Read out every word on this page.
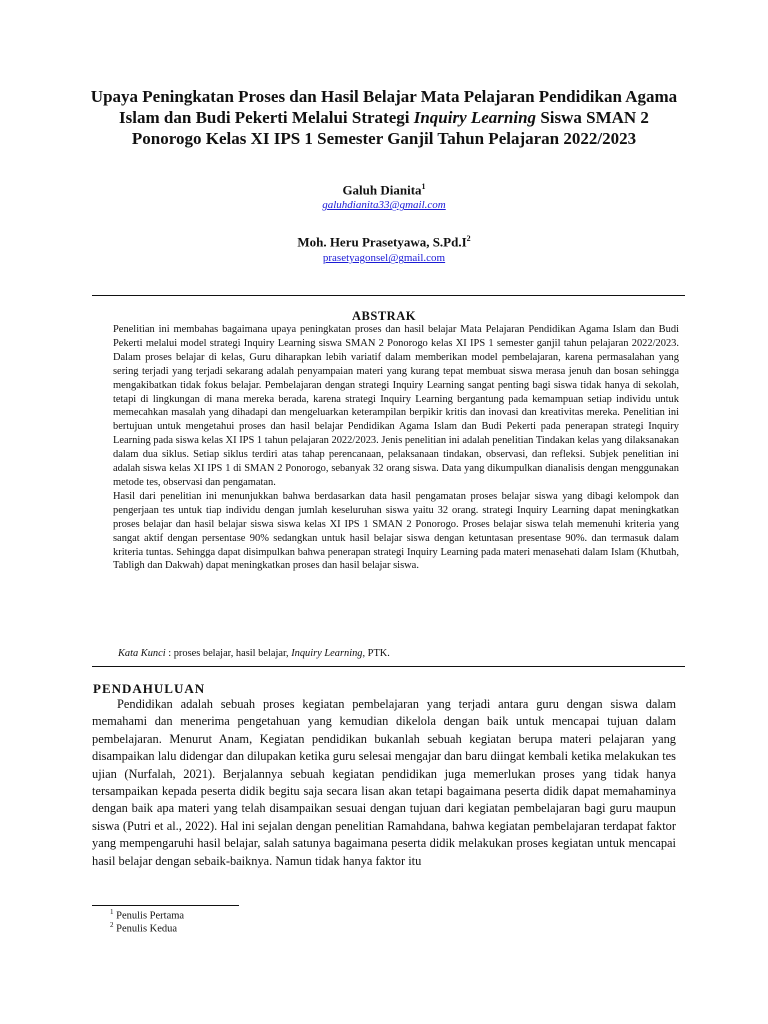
Upaya Peningkatan Proses dan Hasil Belajar Mata Pelajaran Pendidikan Agama Islam dan Budi Pekerti Melalui Strategi Inquiry Learning Siswa SMAN 2 Ponorogo Kelas XI IPS 1 Semester Ganjil Tahun Pelajaran 2022/2023
Galuh Dianita$^1$
galuhdianita33@gmail.com
Moh. Heru Prasetyawa, $S.Pd.I^2$
prasetyagonsel@gmail.com
ABSTRAK

Penelitian ini membahas bagaimana upaya peningkatan proses dan hasil belajar Mata Pelajaran Pendidikan Agama Islam dan Budi Pekerti melalui model strategi Inquiry Learning siswa SMAN 2 Ponorogo kelas XI IPS 1 semester ganjil tahun pelajaran 2022/2023. Dalam proses belajar di kelas, Guru diharapkan lebih variatif dalam memberikan model pembelajaran, karena permasalahan yang sering terjadi yang terjadi sekarang adalah penyampaian materi yang kurang tepat membuat siswa merasa jenuh dan bosan sehingga mengakibatkan tidak fokus belajar. Pembelajaran dengan strategi Inquiry Learning sangat penting bagi siswa tidak hanya di sekolah, tetapi di lingkungan di mana mereka berada, karena strategi Inquiry Learning bergantung pada kemampuan setiap individu untuk memecahkan masalah yang dihadapi dan mengeluarkan keterampilan berpikir kritis dan inovasi dan kreativitas mereka. Penelitian ini bertujuan untuk mengetahui proses dan hasil belajar Pendidikan Agama Islam dan Budi Pekerti pada penerapan strategi Inquiry Learning pada siswa kelas XI IPS 1 tahun pelajaran 2022/2023. Jenis penelitian ini adalah penelitian Tindakan kelas yang dilaksanakan dalam dua siklus. Setiap siklus terdiri atas tahap perencanaan, pelaksanaan tindakan, observasi, dan refleksi. Subjek penelitian ini adalah siswa kelas XI IPS 1 di SMAN 2 Ponorogo, sebanyak 32 orang siswa. Data yang dikumpulkan dianalisis dengan menggunakan metode tes, observasi dan pengamatan.

Hasil dari penelitian ini menunjukkan bahwa berdasarkan data hasil pengamatan proses belajar siswa yang dibagi kelompok dan pengerjaan tes untuk tiap individu dengan jumlah keseluruhan siswa yaitu 32 orang. strategi Inquiry Learning dapat meningkatkan proses belajar dan hasil belajar siswa siswa kelas XI IPS 1 SMAN 2 Ponorogo. Proses belajar siswa telah memenuhi kriteria yang sangat aktif dengan persentase 90% sedangkan untuk hasil belajar siswa dengan ketuntasan presentase 90%. dan termasuk dalam kriteria tuntas. Sehingga dapat disimpulkan bahwa penerapan strategi Inquiry Learning pada materi menasehati dalam Islam (Khutbah, Tabligh dan Dakwah) dapat meningkatkan proses dan hasil belajar siswa.

Kata Kunci : proses belajar, hasil belajar, Inquiry Learning, PTK.
PENDAHULUAN

Pendidikan adalah sebuah proses kegiatan pembelajaran yang terjadi antara guru dengan siswa dalam memahami dan menerima pengetahuan yang kemudian dikelola dengan baik untuk mencapai tujuan dalam pembelajaran. Menurut Anam, Kegiatan pendidikan bukanlah sebuah kegiatan berupa materi pelajaran yang disampaikan lalu didengar dan dilupakan ketika guru selesai mengajar dan baru diingat kembali ketika melakukan tes ujian (Nurfalah, 2021). Berjalannya sebuah kegiatan pendidikan juga memerlukan proses yang tidak hanya tersampaikan kepada peserta didik begitu saja secara lisan akan tetapi bagaimana peserta didik dapat memahaminya dengan baik apa materi yang telah disampaikan sesuai dengan tujuan dari kegiatan pembelajaran bagi guru maupun siswa (Putri et al., 2022). Hal ini sejalan dengan penelitian Ramahdana, bahwa kegiatan pembelajaran terdapat faktor yang mempengaruhi hasil belajar, salah satunya bagaimana peserta didik melakukan proses kegiatan untuk mencapai hasil belajar dengan sebaik-baiknya. Namun tidak hanya faktor itu

$^1$ Penulis Pertama
$^2$ Penulis Kedua
